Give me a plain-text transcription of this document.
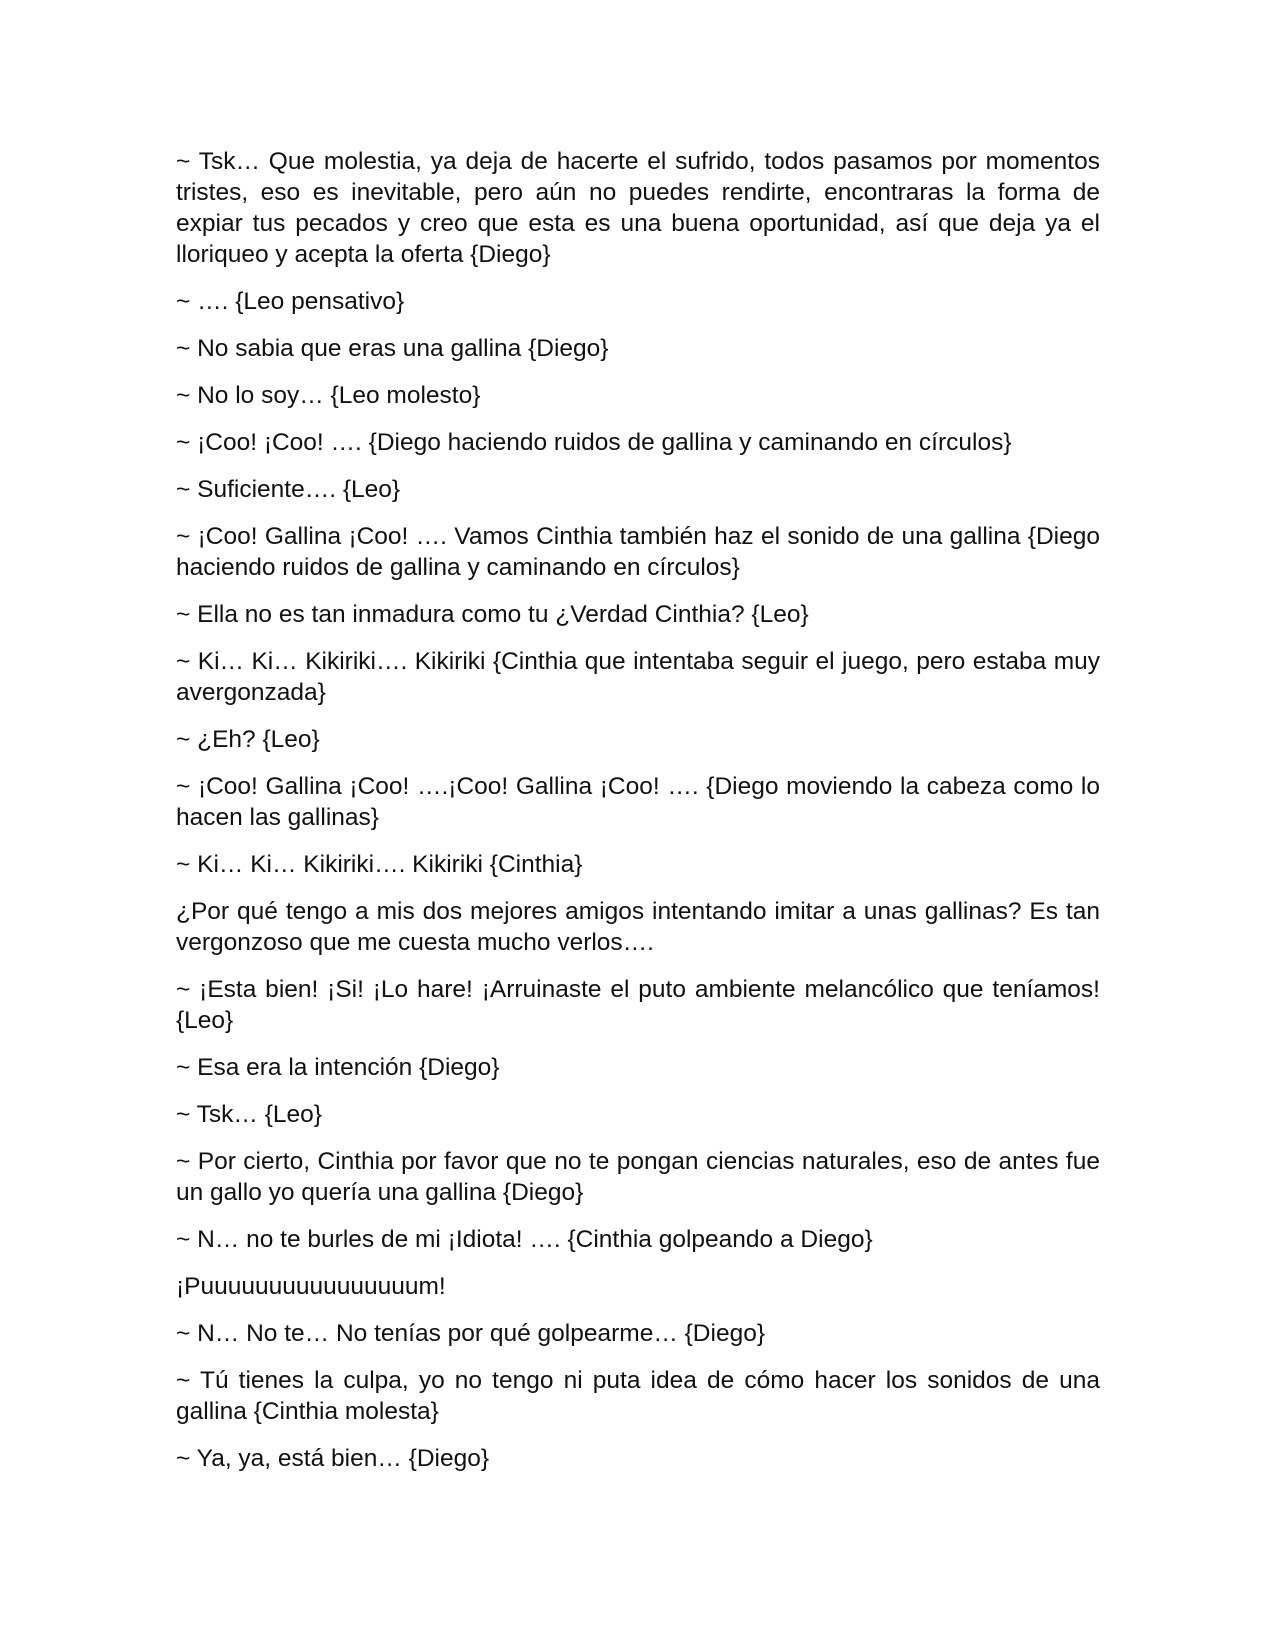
~ Tsk… Que molestia, ya deja de hacerte el sufrido, todos pasamos por momentos tristes, eso es inevitable, pero aún no puedes rendirte, encontraras la forma de expiar tus pecados y creo que esta es una buena oportunidad, así que deja ya el lloriqueo y acepta la oferta {Diego}

~ …. {Leo pensativo}

~ No sabia que eras una gallina {Diego}

~ No lo soy… {Leo molesto}

~ ¡Coo! ¡Coo! …. {Diego haciendo ruidos de gallina y caminando en círculos}

~ Suficiente…. {Leo}

~ ¡Coo! Gallina ¡Coo! …. Vamos Cinthia también haz el sonido de una gallina {Diego haciendo ruidos de gallina y caminando en círculos}

~ Ella no es tan inmadura como tu ¿Verdad Cinthia? {Leo}

~ Ki… Ki… Kikiriki…. Kikiriki {Cinthia que intentaba seguir el juego, pero estaba muy avergonzada}

~ ¿Eh? {Leo}

~ ¡Coo! Gallina ¡Coo! ….¡Coo! Gallina ¡Coo! …. {Diego moviendo la cabeza como lo hacen las gallinas}

~ Ki… Ki… Kikiriki…. Kikiriki {Cinthia}

¿Por qué tengo a mis dos mejores amigos intentando imitar a unas gallinas? Es tan vergonzoso que me cuesta mucho verlos….

~ ¡Esta bien! ¡Si! ¡Lo hare! ¡Arruinaste el puto ambiente melancólico que teníamos! {Leo}

~ Esa era la intención {Diego}

~ Tsk… {Leo}

~ Por cierto, Cinthia por favor que no te pongan ciencias naturales, eso de antes fue un gallo yo quería una gallina {Diego}

~ N… no te burles de mi ¡Idiota! …. {Cinthia golpeando a Diego}

¡Puuuuuuuuuuuuuuuum!

~ N… No te… No tenías por qué golpearme… {Diego}

~ Tú tienes la culpa, yo no tengo ni puta idea de cómo hacer los sonidos de una gallina {Cinthia molesta}

~ Ya, ya, está bien… {Diego}
